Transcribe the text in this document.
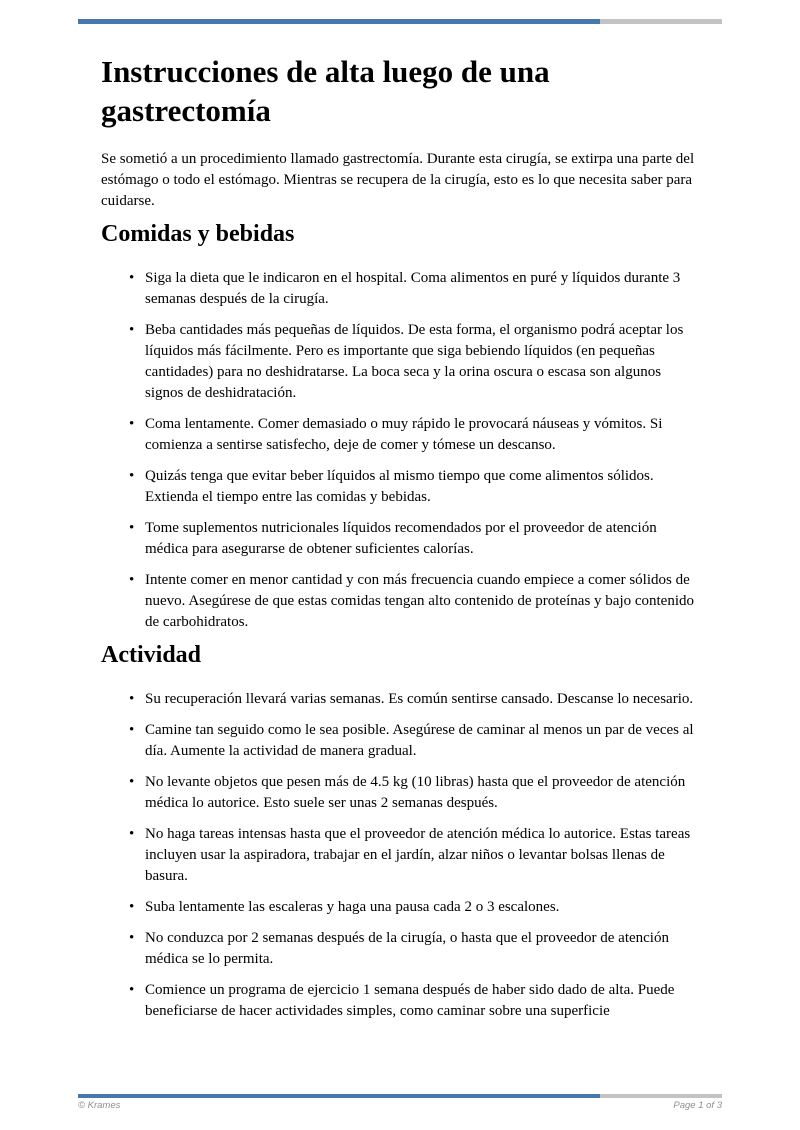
Instrucciones de alta luego de una gastrectomía

Se sometió a un procedimiento llamado gastrectomía. Durante esta cirugía, se extirpa una parte del estómago o todo el estómago. Mientras se recupera de la cirugía, esto es lo que necesita saber para cuidarse.

Comidas y bebidas
• Siga la dieta que le indicaron en el hospital. Coma alimentos en puré y líquidos durante 3 semanas después de la cirugía.
• Beba cantidades más pequeñas de líquidos. De esta forma, el organismo podrá aceptar los líquidos más fácilmente. Pero es importante que siga bebiendo líquidos (en pequeñas cantidades) para no deshidratarse. La boca seca y la orina oscura o escasa son algunos signos de deshidratación.
• Coma lentamente. Comer demasiado o muy rápido le provocará náuseas y vómitos. Si comienza a sentirse satisfecho, deje de comer y tómese un descanso.
• Quizás tenga que evitar beber líquidos al mismo tiempo que come alimentos sólidos. Extienda el tiempo entre las comidas y bebidas.
• Tome suplementos nutricionales líquidos recomendados por el proveedor de atención médica para asegurarse de obtener suficientes calorías.
• Intente comer en menor cantidad y con más frecuencia cuando empiece a comer sólidos de nuevo. Asegúrese de que estas comidas tengan alto contenido de proteínas y bajo contenido de carbohidratos.
Actividad
• Su recuperación llevará varias semanas. Es común sentirse cansado. Descanse lo necesario.
• Camine tan seguido como le sea posible. Asegúrese de caminar al menos un par de veces al día. Aumente la actividad de manera gradual.
• No levante objetos que pesen más de 4.5 kg (10 libras) hasta que el proveedor de atención médica lo autorice. Esto suele ser unas 2 semanas después.
• No haga tareas intensas hasta que el proveedor de atención médica lo autorice. Estas tareas incluyen usar la aspiradora, trabajar en el jardín, alzar niños o levantar bolsas llenas de basura.
• Suba lentamente las escaleras y haga una pausa cada 2 o 3 escalones.
• No conduzca por 2 semanas después de la cirugía, o hasta que el proveedor de atención médica se lo permita.
• Comience un programa de ejercicio 1 semana después de haber sido dado de alta. Puede beneficiarse de hacer actividades simples, como caminar sobre una superficie
© Krames	Page 1 of 3
